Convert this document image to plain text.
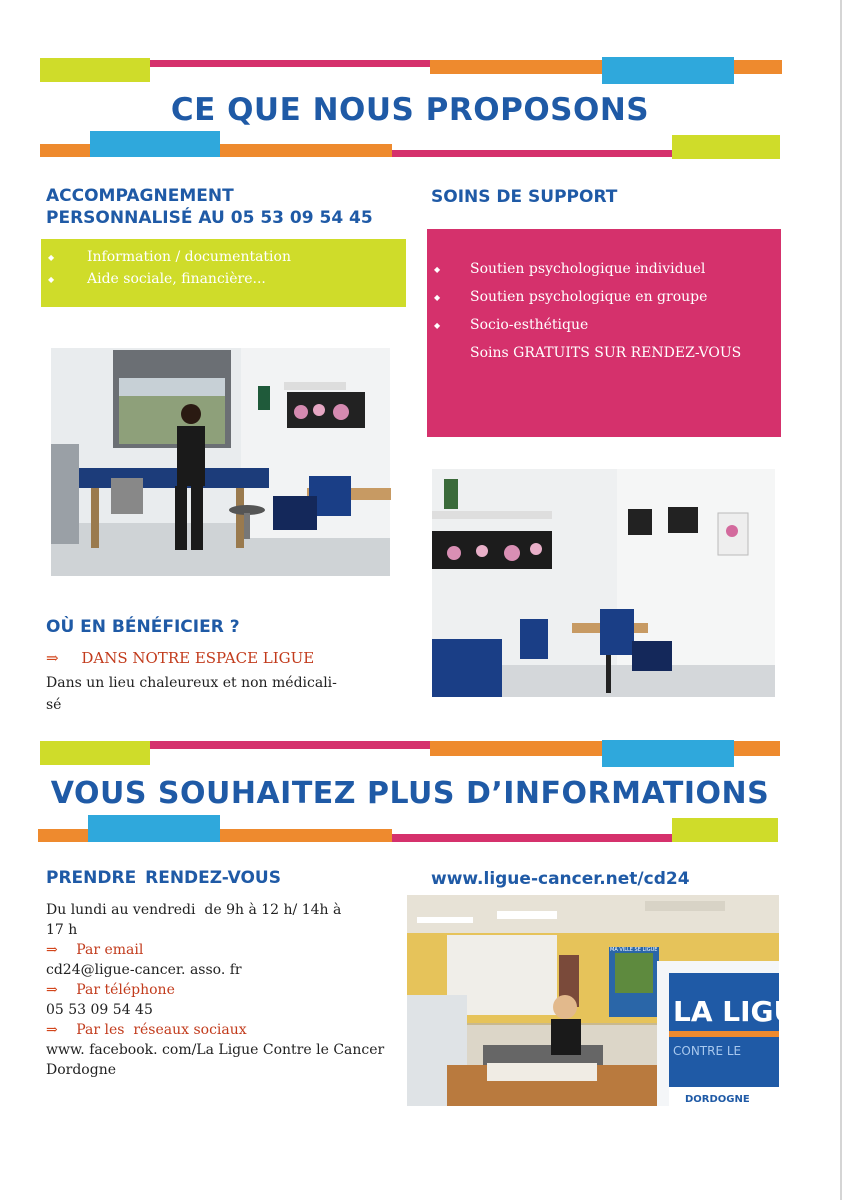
CE QUE NOUS PROPOSONS
ACCOMPAGNEMENT
PERSONNALISÉ AU 05 53 09 54 45
◆ Information / documentation
◆ Aide sociale, financière...
SOINS DE SUPPORT
◆ Soutien psychologique individuel
◆ Soutien psychologique en groupe
◆ Socio-esthétique
Soins GRATUITS SUR RENDEZ-VOUS
OÙ EN BÉNÉFICIER ?
⇒ DANS NOTRE ESPACE LIGUE
Dans un lieu chaleureux et non médicali-
sé
VOUS SOUHAITEZ PLUS D’INFORMATIONS
PRENDRE RENDEZ-VOUS
Du lundi au vendredi  de 9h à 12 h/ 14h à
17 h
⇒ Par email
cd24@ligue-cancer. asso. fr
⇒ Par téléphone
05 53 09 54 45
⇒ Par les  réseaux sociaux
www. facebook. com/La Ligue Contre le Cancer
Dordogne
www.ligue-cancer.net/cd24
LA LIGUE
CONTRE LE
DORDOGNE
MA VILLE SE LIGUE
